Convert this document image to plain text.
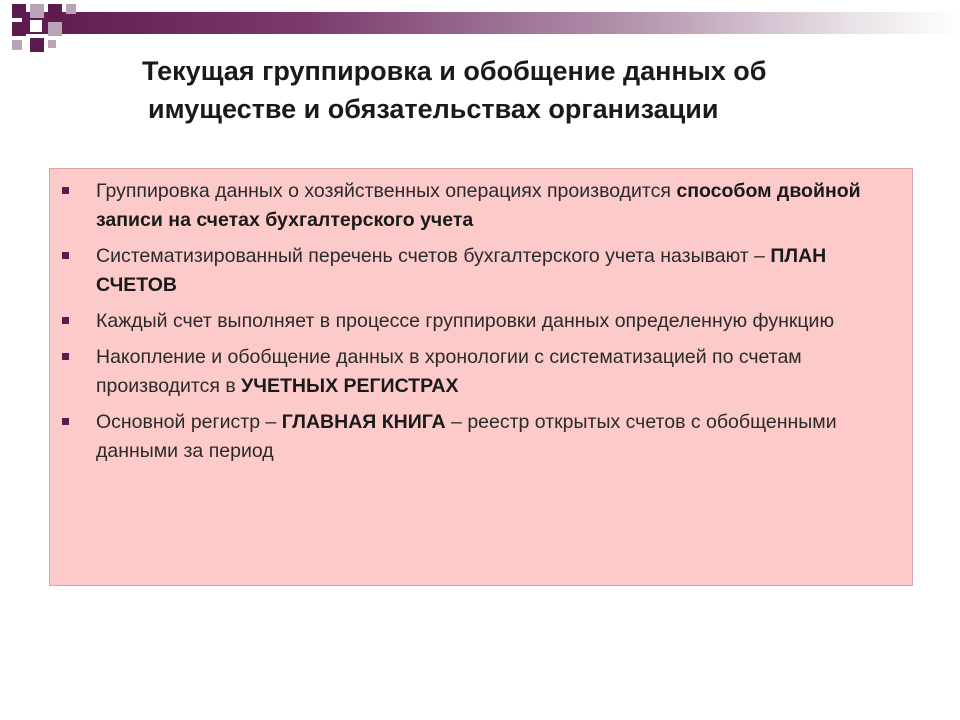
Текущая группировка и обобщение данных об
имуществе и обязательствах организации
Группировка данных о хозяйственных операциях производится способом двойной записи на счетах бухгалтерского учета
Систематизированный перечень счетов бухгалтерского учета называют – ПЛАН СЧЕТОВ
Каждый счет выполняет в процессе группировки данных определенную функцию
Накопление и обобщение данных в хронологии с систематизацией по счетам производится в УЧЕТНЫХ РЕГИСТРАХ
Основной регистр – ГЛАВНАЯ КНИГА – реестр открытых счетов с обобщенными данными за период
